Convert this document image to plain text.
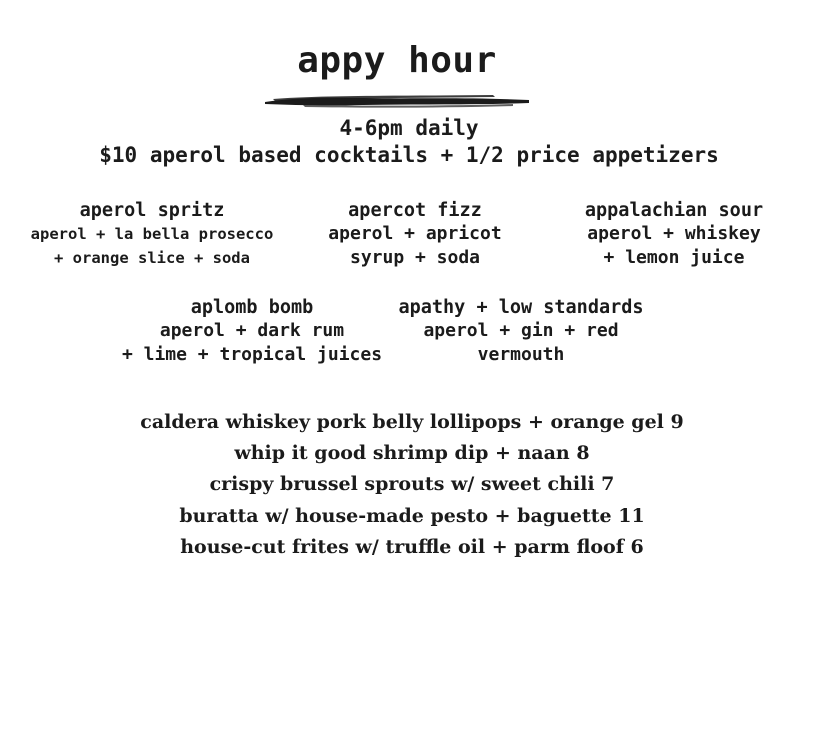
appy hour
4-6pm daily
$10 aperol based cocktails + 1/2 price appetizers
aperol spritz
aperol + la bella prosecco
+ orange slice + soda
apercot fizz
aperol + apricot
syrup + soda
appalachian sour
aperol + whiskey
+ lemon juice
aplomb bomb
aperol + dark rum
+ lime + tropical juices
apathy + low standards
aperol + gin + red
vermouth
caldera whiskey pork belly lollipops + orange gel 9
whip it good shrimp dip + naan 8
crispy brussel sprouts w/ sweet chili 7
buratta w/ house-made pesto + baguette 11
house-cut frites w/ truffle oil + parm floof 6
